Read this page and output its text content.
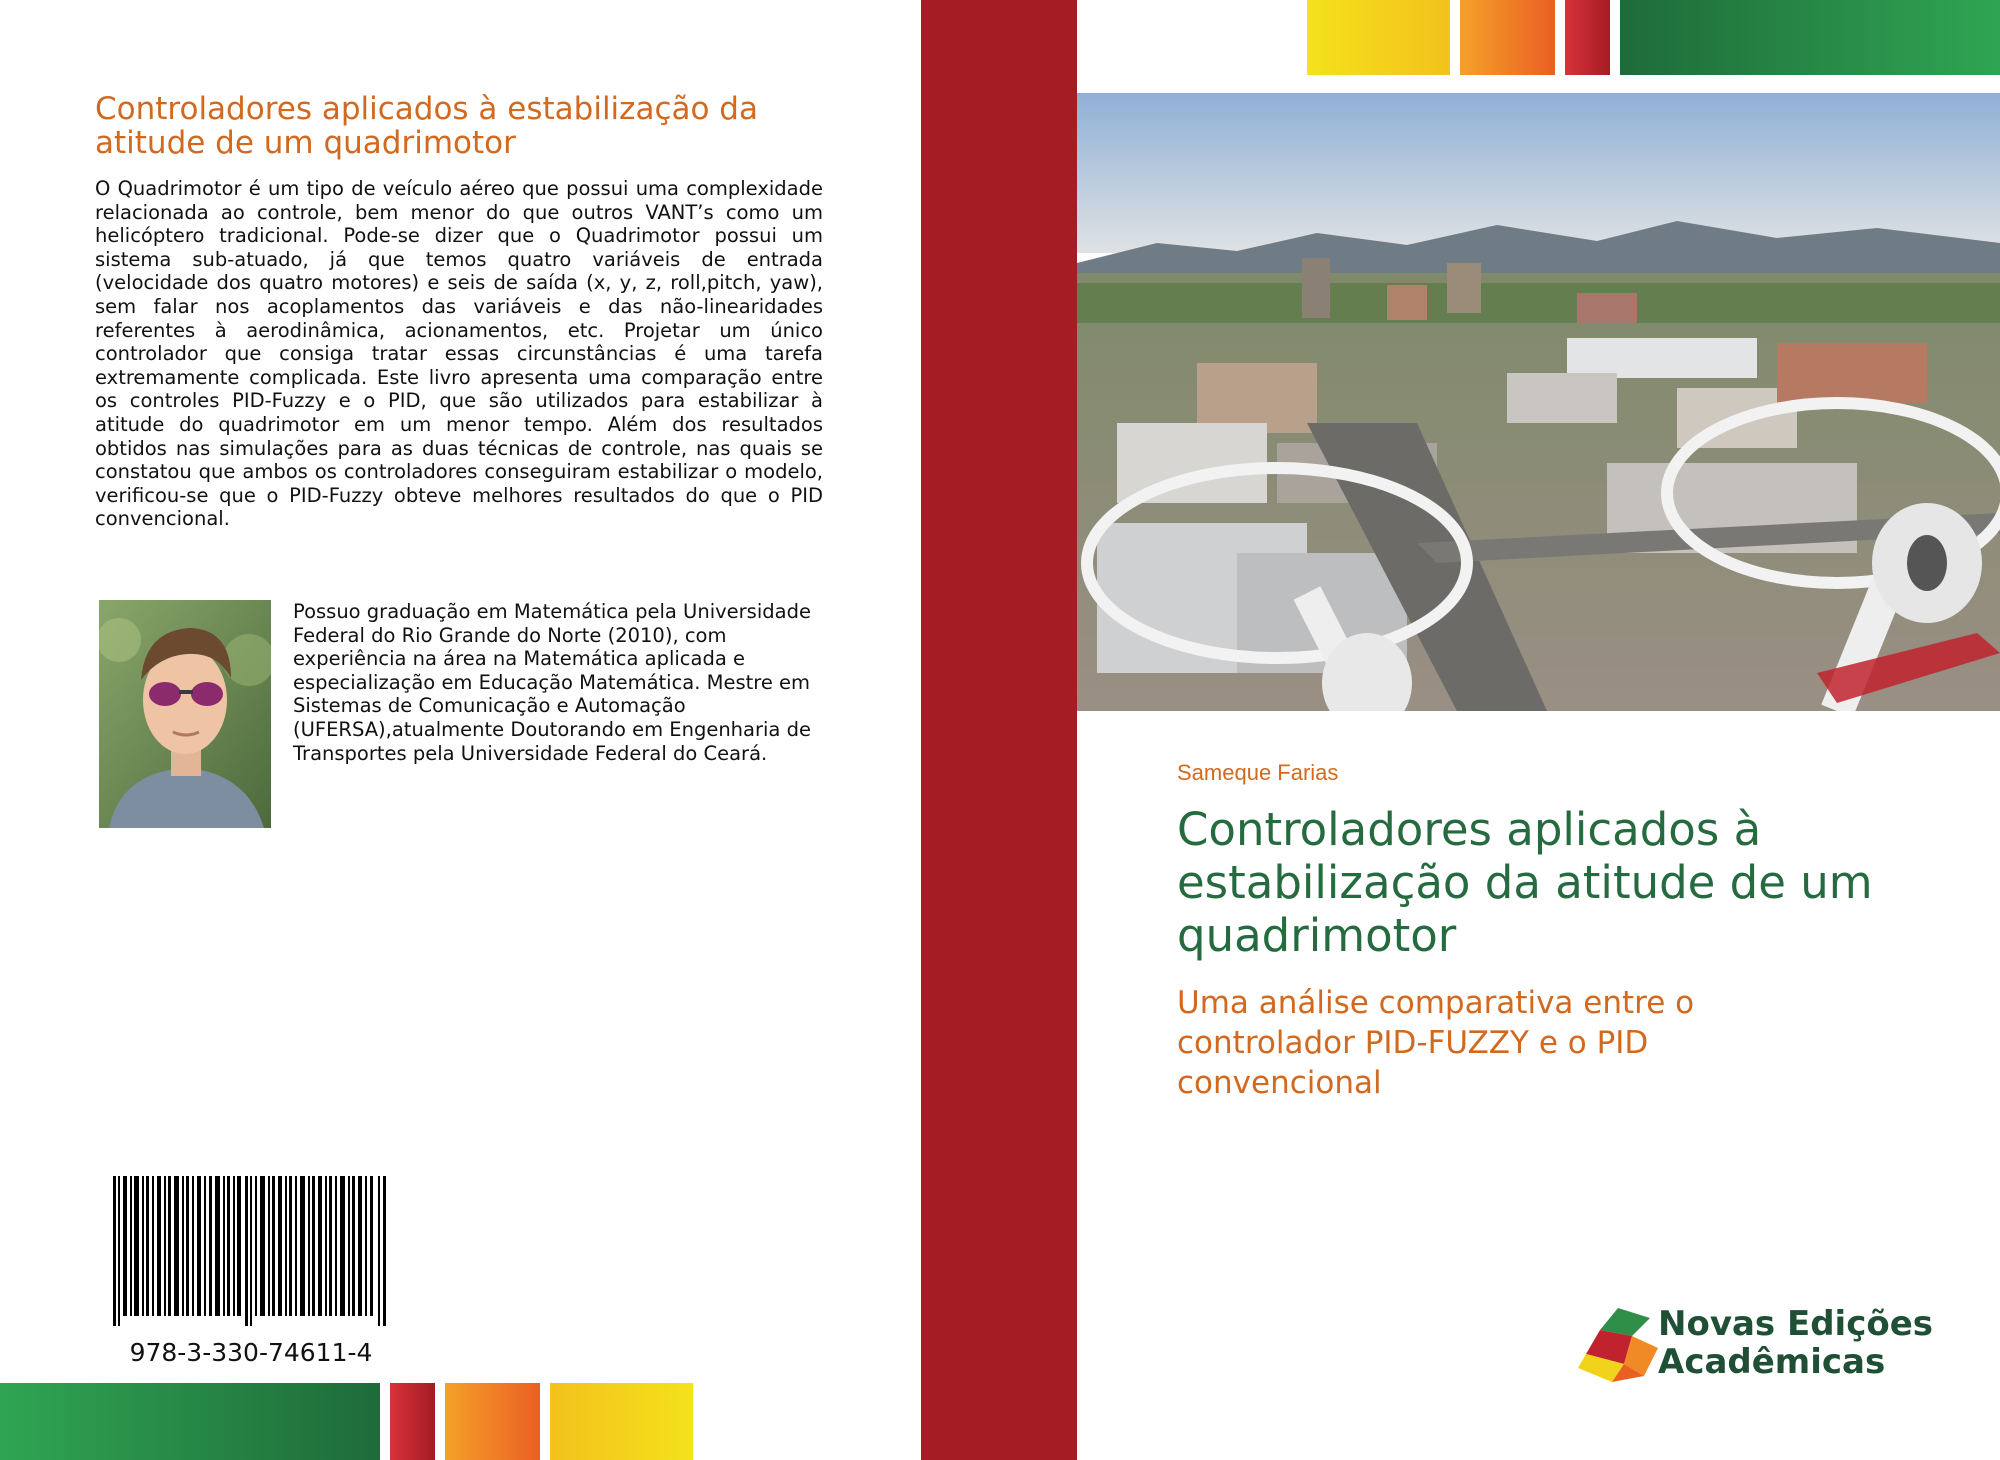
Controladores aplicados à estabilização da atitude de um quadrimotor

O Quadrimotor é um tipo de veículo aéreo que possui uma complexidade relacionada ao controle, bem menor do que outros VANT’s como um helicóptero tradicional. Pode-se dizer que o Quadrimotor possui um sistema sub-atuado, já que temos quatro variáveis de entrada (velocidade dos quatro motores) e seis de saída (x, y, z, roll,pitch, yaw), sem falar nos acoplamentos das variáveis e das não-linearidades referentes à aerodinâmica, acionamentos, etc. Projetar um único controlador que consiga tratar essas circunstâncias é uma tarefa extremamente complicada. Este livro apresenta uma comparação entre os controles PID-Fuzzy e o PID, que são utilizados para estabilizar à atitude do quadrimotor em um menor tempo. Além dos resultados obtidos nas simulações para as duas técnicas de controle, nas quais se constatou que ambos os controladores conseguiram estabilizar o modelo, verificou-se que o PID-Fuzzy obteve melhores resultados do que o PID convencional.

Possuo graduação em Matemática pela Universidade Federal do Rio Grande do Norte (2010), com experiência na área na Matemática aplicada e especialização em Educação Matemática. Mestre em Sistemas de Comunicação e Automação (UFERSA),atualmente Doutorando em Engenharia de Transportes pela Universidade Federal do Ceará.

978-3-330-74611-4
Sameque Farias
Controladores aplicados à estabilização da atitude de um quadrimotor

Uma análise comparativa entre o controlador PID-FUZZY e o PID convencional

Novas Edições
Acadêmicas
